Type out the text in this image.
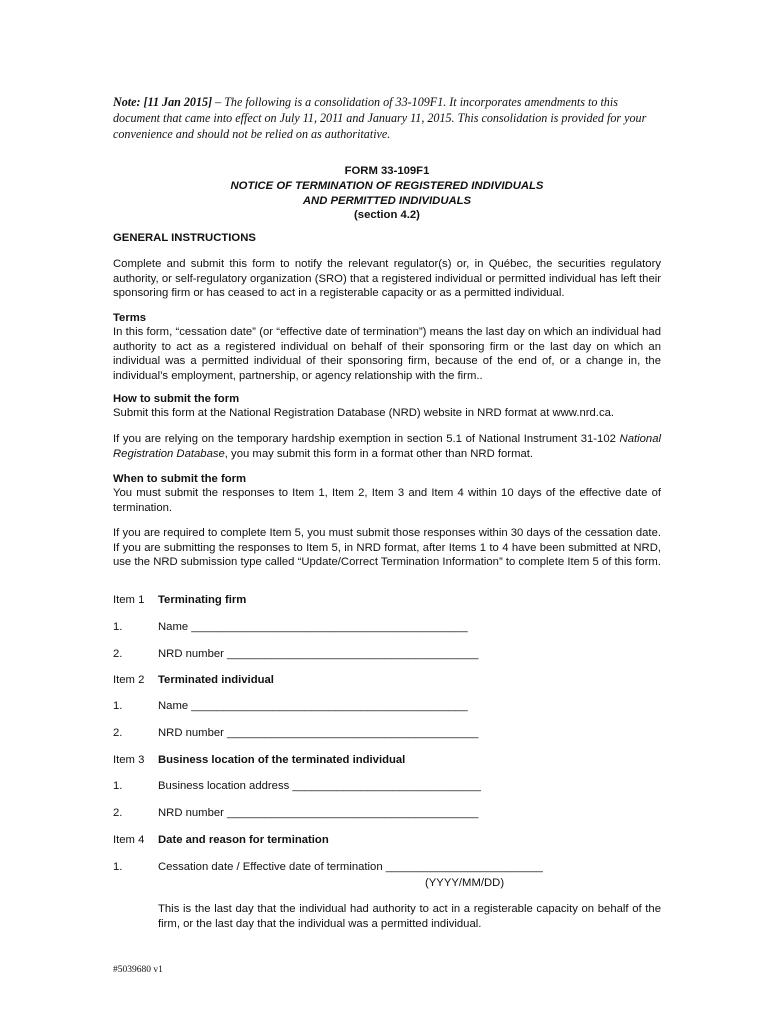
Note: [11 Jan 2015] – The following is a consolidation of 33-109F1. It incorporates amendments to this document that came into effect on July 11, 2011 and January 11, 2015. This consolidation is provided for your convenience and should not be relied on as authoritative.
FORM 33-109F1
NOTICE OF TERMINATION OF REGISTERED INDIVIDUALS
AND PERMITTED INDIVIDUALS
(section 4.2)
GENERAL INSTRUCTIONS
Complete and submit this form to notify the relevant regulator(s) or, in Québec, the securities regulatory authority, or self-regulatory organization (SRO) that a registered individual or permitted individual has left their sponsoring firm or has ceased to act in a registerable capacity or as a permitted individual.
Terms
In this form, “cessation date” (or “effective date of termination”) means the last day on which an individual had authority to act as a registered individual on behalf of their sponsoring firm or the last day on which an individual was a permitted individual of their sponsoring firm, because of the end of, or a change in, the individual’s employment, partnership, or agency relationship with the firm..
How to submit the form
Submit this form at the National Registration Database (NRD) website in NRD format at www.nrd.ca.
If you are relying on the temporary hardship exemption in section 5.1 of National Instrument 31-102 National Registration Database, you may submit this form in a format other than NRD format.
When to submit the form
You must submit the responses to Item 1, Item 2, Item 3 and Item 4 within 10 days of the effective date of termination.
If you are required to complete Item 5, you must submit those responses within 30 days of the cessation date. If you are submitting the responses to Item 5, in NRD format, after Items 1 to 4 have been submitted at NRD, use the NRD submission type called “Update/Correct Termination Information” to complete Item 5 of this form.
Item 1 Terminating firm
1.	Name ____________________________________________
2.	NRD number ________________________________________
Item 2 Terminated individual
1.	Name ____________________________________________
2.	NRD number ________________________________________
Item 3 Business location of the terminated individual
1.	Business location address ______________________________
2.	NRD number ________________________________________
Item 4 Date and reason for termination
1.	Cessation date / Effective date of termination _________________________
(YYYY/MM/DD)
This is the last day that the individual had authority to act in a registerable capacity on behalf of the firm, or the last day that the individual was a permitted individual.
#5039680 v1
